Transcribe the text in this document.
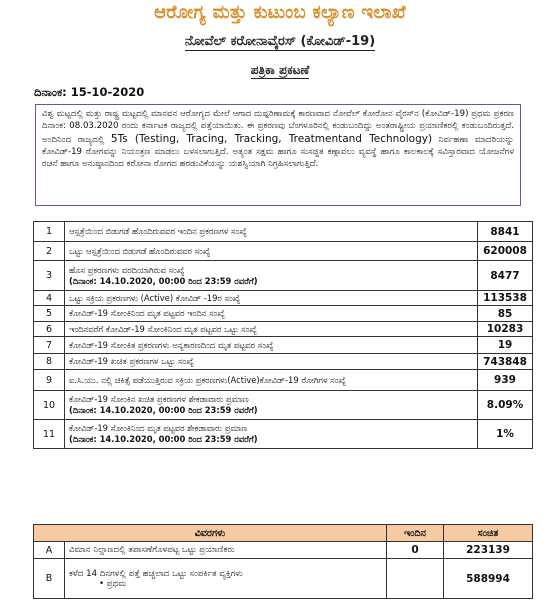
ಆರೋಗ್ಯ ಮತ್ತು ಕುಟುಂಬ ಕಲ್ಯಾಣ ಇಲಾಖೆ
ನೋವೆಲ್ ಕರೋನಾವೈರಸ್ (ಕೋವಿಡ್-19)
ಪತ್ರಿಕಾ ಪ್ರಕಟಣೆ
ದಿನಾಂಕ: 15-10-2020
ವಿಶ್ವ ಮಟ್ಟದಲ್ಲಿ ಮತ್ತು ರಾಷ್ಟ್ರ ಮಟ್ಟದಲ್ಲಿ ಮಾನವನ ಆರೋಗ್ಯದ ಮೇಲೆ ಆಗಾದ ದುಷ್ಪರಿಣಾಮಕ್ಕೆ ಕಾರಣವಾದ ನೋವೆಲ್ ಕೋರೋನ ವೈರಸ್‌ನ (ಕೋವಿಡ್-19) ಪ್ರಥಮ ಪ್ರಕರಣ ದಿನಾಂಕ: 08.03.2020 ರಂದು ಕರ್ನಾಟಕ ರಾಜ್ಯದಲ್ಲಿ ಪತ್ತೆಯಾಯಿತು. ಈ ಪ್ರಕರಣವು ಬೆಂಗಳೂರಿನಲ್ಲಿ ಕಂಡುಬಂದಿದ್ದು ಅಂತರಾಷ್ಟ್ರೀಯ ಪ್ರಯಾಣಿಕರಲ್ಲಿ ಕಂಡುಬಂದಿರುತ್ತದೆ. ಅಂದಿನಿಂದ ರಾಜ್ಯದಲ್ಲಿ 5Ts (Testing, Tracing, Tracking, Treatmentand Technology) ನಿರ್ವಹಣಾ ಮಾದರಿಯನ್ನು ಕೋವಿಡ್-19 ರೋಗವನ್ನು ನಿಯಂತ್ರಣ ಮಾಡಲು ಬಳಸಲಾಗುತ್ತಿದೆ. ಅತ್ಯಂತ ಸಕ್ಷಮ ಹಾಗೂ ಸುಸಜ್ಜಿತ ಕಣ್ಗಾವಲು ವ್ಯವಸ್ಥೆ ಹಾಗೂ ಕಾಲಕಾಲಕ್ಕೆ ಸವಿಸ್ತಾರವಾದ ಯೋಜನೆಗಳ ರಚನೆ ಹಾಗೂ ಅನುಷ್ಠಾನದಿಂದ ಕರೋನಾ ರೋಗದ ಹರಡುವಿಕೆಯನ್ನು ಯಶಸ್ವಿಯಾಗಿ ನಿಗ್ರಹಿಸಲಾಗುತ್ತಿದೆ.
1	ಆಸ್ಪತ್ರೆಯಿಂದ ಬಿಡುಗಡೆ ಹೊಂದಿರುವವರ ಇಂದಿನ ಪ್ರಕರಣಗಳ ಸಂಖ್ಯೆ	8841
2	ಒಟ್ಟು ಆಸ್ಪತ್ರೆಯಿಂದ ಬಿಡುಗಡೆ ಹೊಂದಿರುವವರ ಸಂಖ್ಯೆ	620008
3	ಹೊಸ ಪ್ರಕರಣಗಳು ವರದಿಯಾಗಿರುವ ಸಂಖ್ಯೆ
(ದಿನಾಂಕ: 14.10.2020, 00:00 ರಿಂದ 23:59 ರವರೆಗೆ)	8477
4	ಒಟ್ಟು ಸಕ್ರಿಯ ಪ್ರಕರಣಗಳು (Active) ಕೋವಿಡ್ -19ರ ಸಂಖ್ಯೆ	113538
5	ಕೋವಿಡ್-19 ಸೋಂಕಿನಿಂದ ಮೃತ ಪಟ್ಟವರ ಇಂದಿನ ಸಂಖ್ಯೆ	85
6	ಇಂದಿನವರೆಗೆ ಕೋವಿಡ್-19 ಸೋಂಕಿನಿಂದ ಮೃತ ಪಟ್ಟವರ ಒಟ್ಟು ಸಂಖ್ಯೆ	10283
7	ಕೋವಿಡ್-19 ಸೋಂಕಿತ ಪ್ರಕರಣಗಳು ಅನ್ಯಕಾರಣದಿಂದ ಮೃತ ಪಟ್ಟವರ ಸಂಖ್ಯೆ	19
8	ಕೋವಿಡ್-19 ಖಚಿತ ಪ್ರಕರಣಗಳ ಒಟ್ಟು ಸಂಖ್ಯೆ	743848
9	ಐ.ಸಿ.ಯು. ನಲ್ಲಿ ಚಿಕಿತ್ಸೆ ಪಡೆಯುತ್ತಿರುವ ಸಕ್ರಿಯ ಪ್ರಕರಣಗಳು(Active)ಕೋವಿಡ್-19 ರೋಗಿಗಳ ಸಂಖ್ಯೆ	939
10	ಕೋವಿಡ್-19 ಸೋಂಕಿನ ಖಚಿತ ಪ್ರಕರಣಗಳ ಶೇಕಡಾವಾರು ಪ್ರಮಾಣ
(ದಿನಾಂಕ: 14.10.2020, 00:00 ರಿಂದ 23:59 ರವರೆಗೆ)	8.09%
11	ಕೋವಿಡ್-19 ಸೋಂಕಿನಿಂದ ಮೃತ ಪಟ್ಟವರ ಶೇಕಡಾವಾರು ಪ್ರಮಾಣ
(ದಿನಾಂಕ: 14.10.2020, 00:00 ರಿಂದ 23:59 ರವರೆಗೆ)	1%
ವಿವರಗಳು		ಇಂದಿನ	ಸಂಚಿತ
A	ವಿಮಾನ ನಿಲ್ದಾಣದಲ್ಲಿ ತಪಾಸಣೆಗೊಳಪಟ್ಟ ಒಟ್ಟು ಪ್ರಯಾಣಿಕರು	0	223139
B	ಕಳೆದ 14 ದಿನಗಳಲ್ಲಿ ಪತ್ತೆ ಹಚ್ಚಲಾದ ಒಟ್ಟು ಸಂಪರ್ಕಿತ ವ್ಯಕ್ತಿಗಳು
• ಪ್ರಥಮ		588994
